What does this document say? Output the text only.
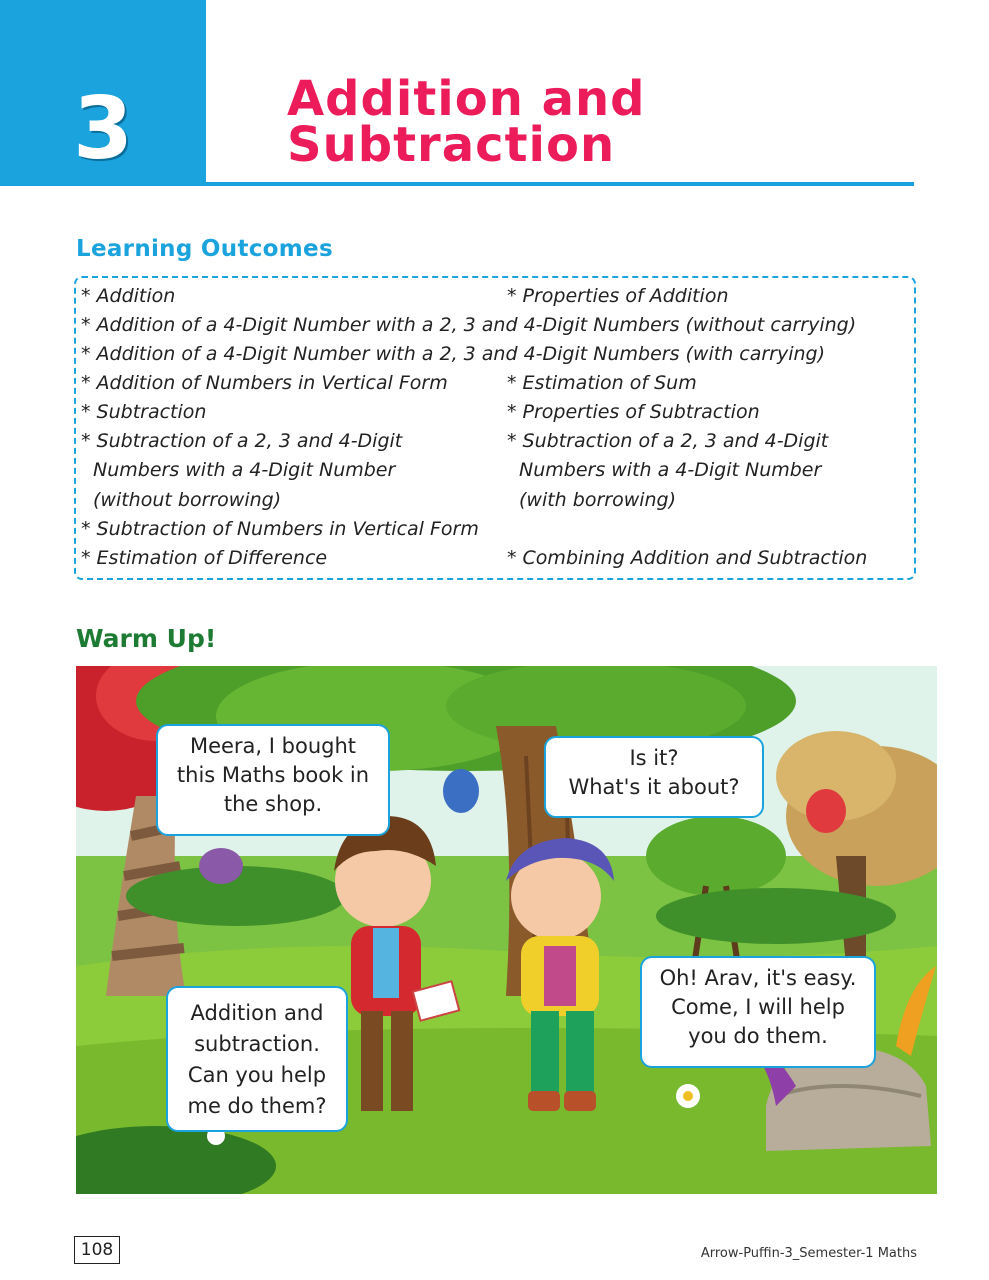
3	Addition and
Subtraction
Learning Outcomes
* Addition	* Properties of Addition
* Addition of a 4-Digit Number with a 2, 3 and 4-Digit Numbers (without carrying)
* Addition of a 4-Digit Number with a 2, 3 and 4-Digit Numbers (with carrying)
* Addition of Numbers in Vertical Form	* Estimation of Sum
* Subtraction	* Properties of Subtraction
* Subtraction of a 2, 3 and 4-Digit
Numbers with a 4-Digit Number
(without borrowing)
* Subtraction of a 2, 3 and 4-Digit
Numbers with a 4-Digit Number
(with borrowing)
* Subtraction of Numbers in Vertical Form
* Estimation of Difference	* Combining Addition and Subtraction
Warm Up!
Meera, I bought
this Maths book in
the shop.
Is it?
What's it about?
Addition and
subtraction.
Can you help
me do them?
Oh! Arav, it's easy.
Come, I will help
you do them.
108	Arrow-Puffin-3_Semester-1 Maths
